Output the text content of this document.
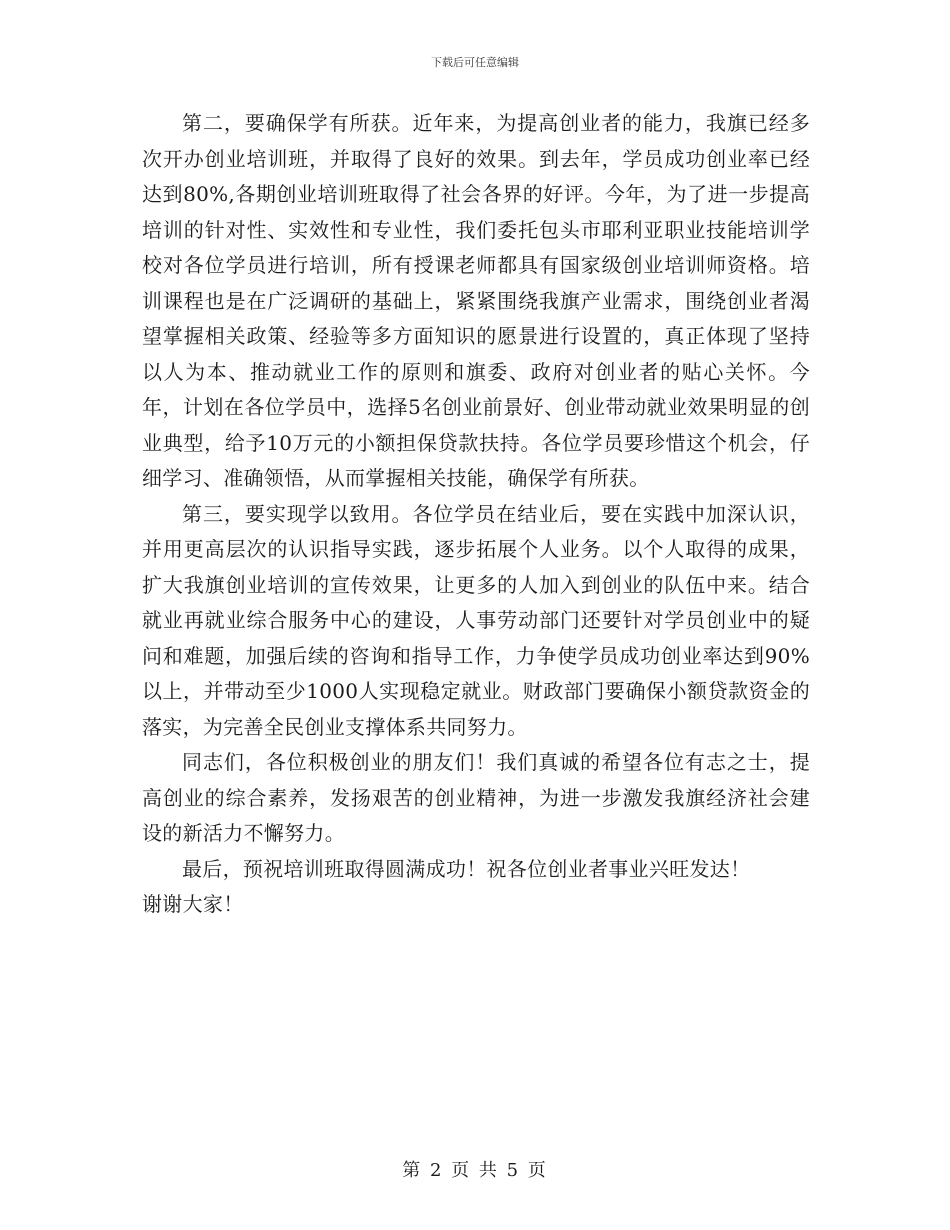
下载后可任意编辑

第二，要确保学有所获。近年来，为提高创业者的能力，我旗已经多次开办创业培训班，并取得了良好的效果。到去年，学员成功创业率已经达到80%,各期创业培训班取得了社会各界的好评。今年，为了进一步提高培训的针对性、实效性和专业性，我们委托包头市耶利亚职业技能培训学校对各位学员进行培训，所有授课老师都具有国家级创业培训师资格。培训课程也是在广泛调研的基础上，紧紧围绕我旗产业需求，围绕创业者渴望掌握相关政策、经验等多方面知识的愿景进行设置的，真正体现了坚持以人为本、推动就业工作的原则和旗委、政府对创业者的贴心关怀。今年，计划在各位学员中，选择5名创业前景好、创业带动就业效果明显的创业典型，给予10万元的小额担保贷款扶持。各位学员要珍惜这个机会，仔细学习、准确领悟，从而掌握相关技能，确保学有所获。

第三，要实现学以致用。各位学员在结业后，要在实践中加深认识，并用更高层次的认识指导实践，逐步拓展个人业务。以个人取得的成果，扩大我旗创业培训的宣传效果，让更多的人加入到创业的队伍中来。结合就业再就业综合服务中心的建设，人事劳动部门还要针对学员创业中的疑问和难题，加强后续的咨询和指导工作，力争使学员成功创业率达到90%以上，并带动至少1000人实现稳定就业。财政部门要确保小额贷款资金的落实，为完善全民创业支撑体系共同努力。

同志们，各位积极创业的朋友们！我们真诚的希望各位有志之士，提高创业的综合素养，发扬艰苦的创业精神，为进一步激发我旗经济社会建设的新活力不懈努力。

最后，预祝培训班取得圆满成功！祝各位创业者事业兴旺发达！

谢谢大家！

第 2 页 共 5 页
